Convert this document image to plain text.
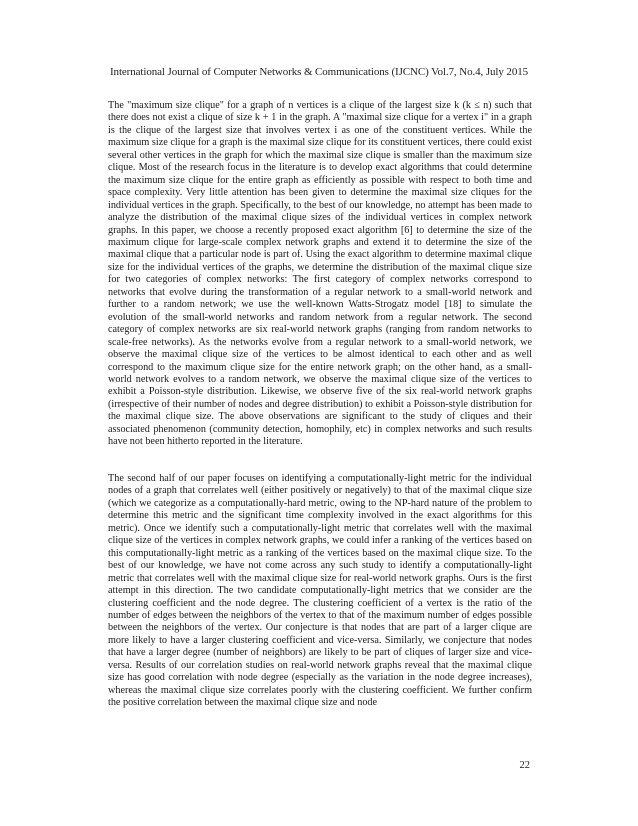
International Journal of Computer Networks & Communications (IJCNC) Vol.7, No.4, July 2015

The "maximum size clique" for a graph of n vertices is a clique of the largest size k (k ≤ n) such that there does not exist a clique of size k + 1 in the graph. A "maximal size clique for a vertex i" in a graph is the clique of the largest size that involves vertex i as one of the constituent vertices. While the maximum size clique for a graph is the maximal size clique for its constituent vertices, there could exist several other vertices in the graph for which the maximal size clique is smaller than the maximum size clique. Most of the research focus in the literature is to develop exact algorithms that could determine the maximum size clique for the entire graph as efficiently as possible with respect to both time and space complexity. Very little attention has been given to determine the maximal size cliques for the individual vertices in the graph. Specifically, to the best of our knowledge, no attempt has been made to analyze the distribution of the maximal clique sizes of the individual vertices in complex network graphs. In this paper, we choose a recently proposed exact algorithm [6] to determine the size of the maximum clique for large-scale complex network graphs and extend it to determine the size of the maximal clique that a particular node is part of. Using the exact algorithm to determine maximal clique size for the individual vertices of the graphs, we determine the distribution of the maximal clique size for two categories of complex networks: The first category of complex networks correspond to networks that evolve during the transformation of a regular network to a small-world network and further to a random network; we use the well-known Watts-Strogatz model [18] to simulate the evolution of the small-world networks and random network from a regular network. The second category of complex networks are six real-world network graphs (ranging from random networks to scale-free networks). As the networks evolve from a regular network to a small-world network, we observe the maximal clique size of the vertices to be almost identical to each other and as well correspond to the maximum clique size for the entire network graph; on the other hand, as a small-world network evolves to a random network, we observe the maximal clique size of the vertices to exhibit a Poisson-style distribution. Likewise, we observe five of the six real-world network graphs (irrespective of their number of nodes and degree distribution) to exhibit a Poisson-style distribution for the maximal clique size. The above observations are significant to the study of cliques and their associated phenomenon (community detection, homophily, etc) in complex networks and such results have not been hitherto reported in the literature.

The second half of our paper focuses on identifying a computationally-light metric for the individual nodes of a graph that correlates well (either positively or negatively) to that of the maximal clique size (which we categorize as a computationally-hard metric, owing to the NP-hard nature of the problem to determine this metric and the significant time complexity involved in the exact algorithms for this metric). Once we identify such a computationally-light metric that correlates well with the maximal clique size of the vertices in complex network graphs, we could infer a ranking of the vertices based on this computationally-light metric as a ranking of the vertices based on the maximal clique size. To the best of our knowledge, we have not come across any such study to identify a computationally-light metric that correlates well with the maximal clique size for real-world network graphs. Ours is the first attempt in this direction. The two candidate computationally-light metrics that we consider are the clustering coefficient and the node degree. The clustering coefficient of a vertex is the ratio of the number of edges between the neighbors of the vertex to that of the maximum number of edges possible between the neighbors of the vertex. Our conjecture is that nodes that are part of a larger clique are more likely to have a larger clustering coefficient and vice-versa. Similarly, we conjecture that nodes that have a larger degree (number of neighbors) are likely to be part of cliques of larger size and vice-versa. Results of our correlation studies on real-world network graphs reveal that the maximal clique size has good correlation with node degree (especially as the variation in the node degree increases), whereas the maximal clique size correlates poorly with the clustering coefficient. We further confirm the positive correlation between the maximal clique size and node

22
